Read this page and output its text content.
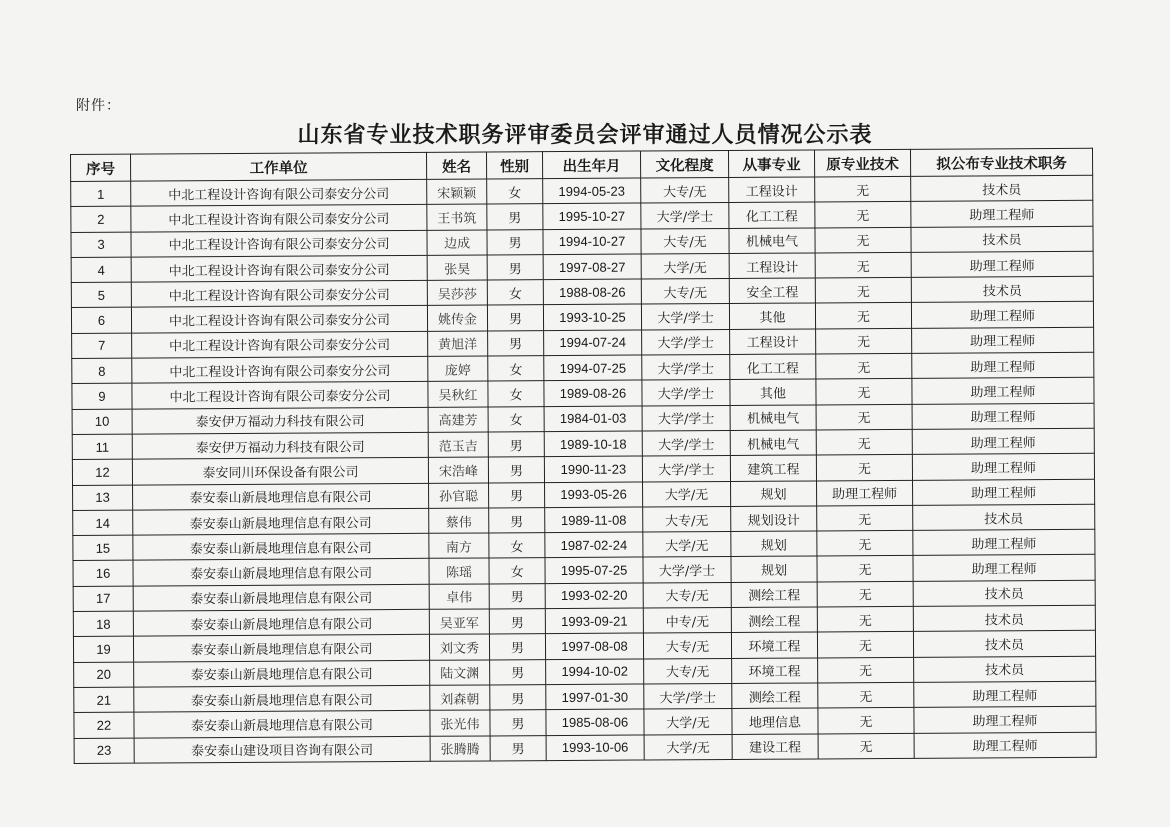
附件：
山东省专业技术职务评审委员会评审通过人员情况公示表
序号	工作单位	姓名	性别	出生年月	文化程度	从事专业	原专业技术	拟公布专业技术职务
1	中北工程设计咨询有限公司泰安分公司	宋颖颖	女	1994-05-23	大专/无	工程设计	无	技术员
2	中北工程设计咨询有限公司泰安分公司	王书筑	男	1995-10-27	大学/学士	化工工程	无	助理工程师
3	中北工程设计咨询有限公司泰安分公司	边成	男	1994-10-27	大专/无	机械电气	无	技术员
4	中北工程设计咨询有限公司泰安分公司	张昊	男	1997-08-27	大学/无	工程设计	无	助理工程师
5	中北工程设计咨询有限公司泰安分公司	吴莎莎	女	1988-08-26	大专/无	安全工程	无	技术员
6	中北工程设计咨询有限公司泰安分公司	姚传金	男	1993-10-25	大学/学士	其他	无	助理工程师
7	中北工程设计咨询有限公司泰安分公司	黄旭洋	男	1994-07-24	大学/学士	工程设计	无	助理工程师
8	中北工程设计咨询有限公司泰安分公司	庞婷	女	1994-07-25	大学/学士	化工工程	无	助理工程师
9	中北工程设计咨询有限公司泰安分公司	吴秋红	女	1989-08-26	大学/学士	其他	无	助理工程师
10	泰安伊万福动力科技有限公司	高建芳	女	1984-01-03	大学/学士	机械电气	无	助理工程师
11	泰安伊万福动力科技有限公司	范玉吉	男	1989-10-18	大学/学士	机械电气	无	助理工程师
12	泰安同川环保设备有限公司	宋浩峰	男	1990-11-23	大学/学士	建筑工程	无	助理工程师
13	泰安泰山新晨地理信息有限公司	孙官聪	男	1993-05-26	大学/无	规划	助理工程师	助理工程师
14	泰安泰山新晨地理信息有限公司	蔡伟	男	1989-11-08	大专/无	规划设计	无	技术员
15	泰安泰山新晨地理信息有限公司	南方	女	1987-02-24	大学/无	规划	无	助理工程师
16	泰安泰山新晨地理信息有限公司	陈瑶	女	1995-07-25	大学/学士	规划	无	助理工程师
17	泰安泰山新晨地理信息有限公司	卓伟	男	1993-02-20	大专/无	测绘工程	无	技术员
18	泰安泰山新晨地理信息有限公司	吴亚军	男	1993-09-21	中专/无	测绘工程	无	技术员
19	泰安泰山新晨地理信息有限公司	刘文秀	男	1997-08-08	大专/无	环境工程	无	技术员
20	泰安泰山新晨地理信息有限公司	陆文渊	男	1994-10-02	大专/无	环境工程	无	技术员
21	泰安泰山新晨地理信息有限公司	刘森朝	男	1997-01-30	大学/学士	测绘工程	无	助理工程师
22	泰安泰山新晨地理信息有限公司	张光伟	男	1985-08-06	大学/无	地理信息	无	助理工程师
23	泰安泰山建设项目咨询有限公司	张腾腾	男	1993-10-06	大学/无	建设工程	无	助理工程师
